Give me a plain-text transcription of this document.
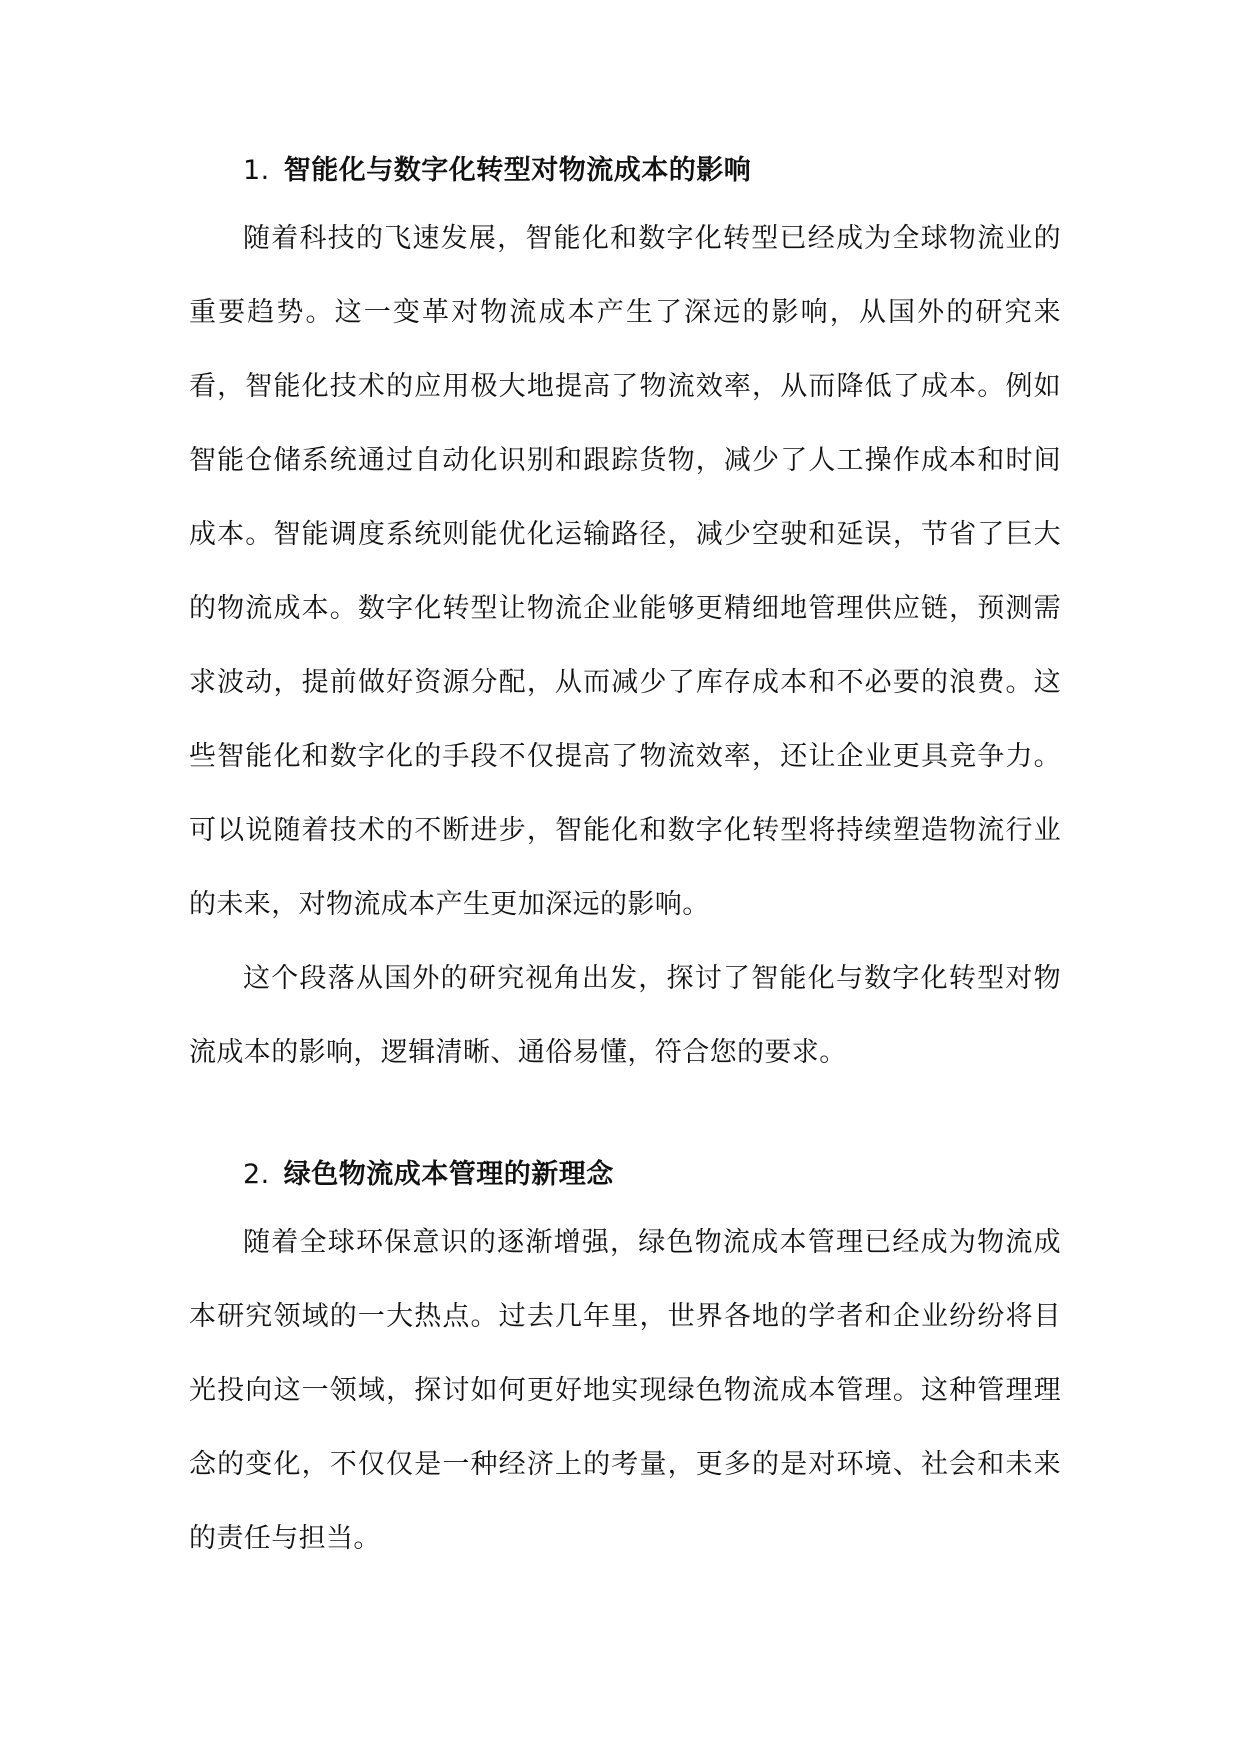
1. 智能化与数字化转型对物流成本的影响

随着科技的飞速发展，智能化和数字化转型已经成为全球物流业的重要趋势。这一变革对物流成本产生了深远的影响，从国外的研究来看，智能化技术的应用极大地提高了物流效率，从而降低了成本。例如智能仓储系统通过自动化识别和跟踪货物，减少了人工操作成本和时间成本。智能调度系统则能优化运输路径，减少空驶和延误，节省了巨大的物流成本。数字化转型让物流企业能够更精细地管理供应链，预测需求波动，提前做好资源分配，从而减少了库存成本和不必要的浪费。这些智能化和数字化的手段不仅提高了物流效率，还让企业更具竞争力。可以说随着技术的不断进步，智能化和数字化转型将持续塑造物流行业的未来，对物流成本产生更加深远的影响。

这个段落从国外的研究视角出发，探讨了智能化与数字化转型对物流成本的影响，逻辑清晰、通俗易懂，符合您的要求。

2. 绿色物流成本管理的新理念

随着全球环保意识的逐渐增强，绿色物流成本管理已经成为物流成本研究领域的一大热点。过去几年里，世界各地的学者和企业纷纷将目光投向这一领域，探讨如何更好地实现绿色物流成本管理。这种管理理念的变化，不仅仅是一种经济上的考量，更多的是对环境、社会和未来的责任与担当。
